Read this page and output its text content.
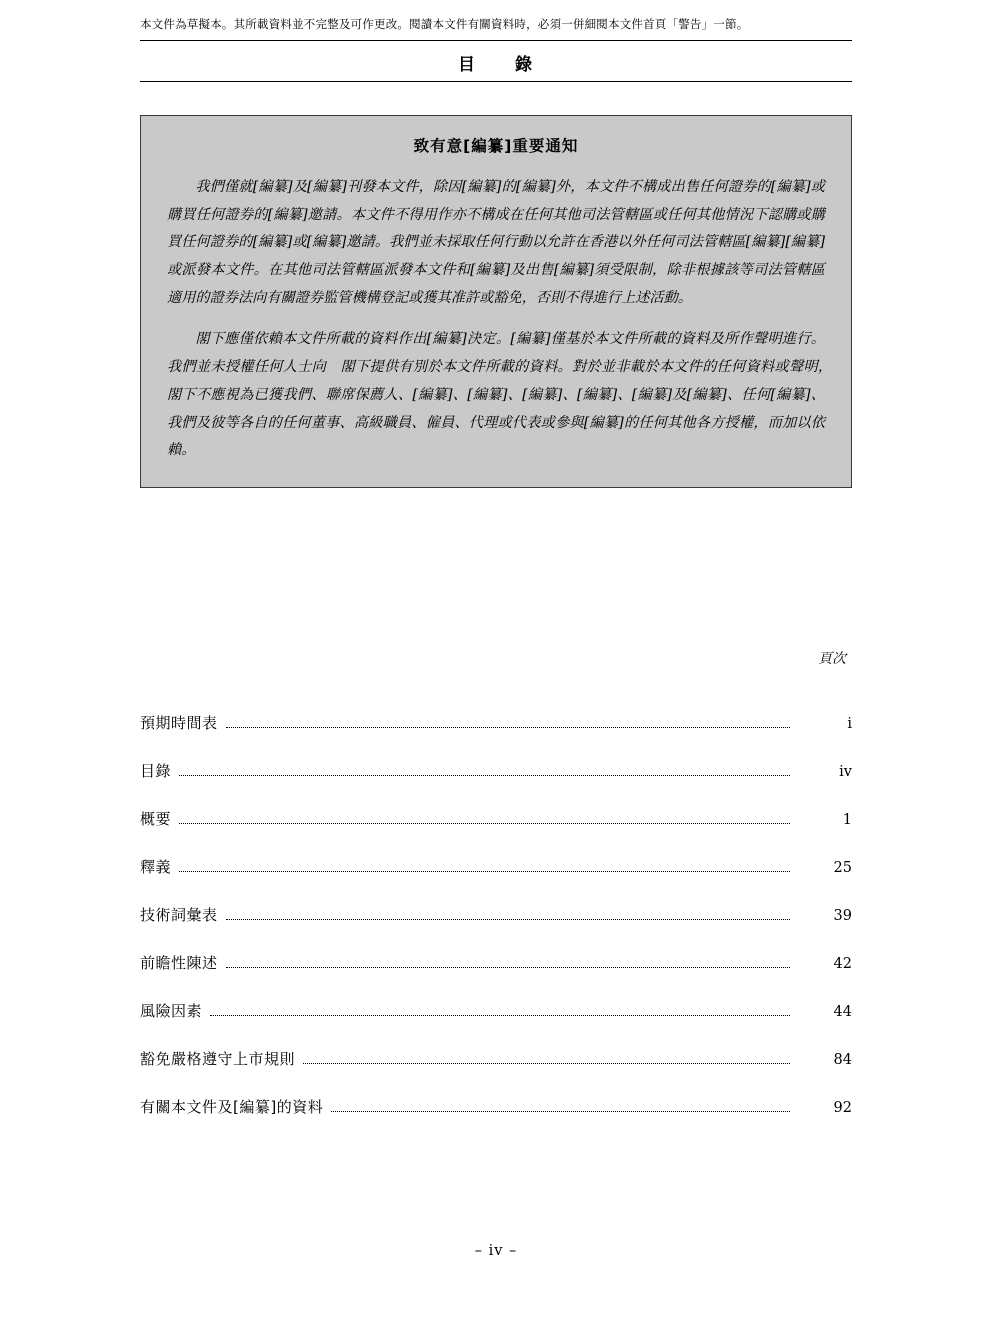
本文件為草擬本。其所載資料並不完整及可作更改。閱讀本文件有關資料時，必須一併細閱本文件首頁「警告」一節。
目　　錄
致有意[編纂]重要通知

我們僅就[編纂]及[編纂]刊發本文件，除因[編纂]的[編纂]外，本文件不構成出售任何證券的[編纂]或購買任何證券的[編纂]邀請。本文件不得用作亦不構成在任何其他司法管轄區或任何其他情況下認購或購買任何證券的[編纂]或[編纂]邀請。我們並未採取任何行動以允許在香港以外任何司法管轄區[編纂][編纂]或派發本文件。在其他司法管轄區派發本文件和[編纂]及出售[編纂]須受限制，除非根據該等司法管轄區適用的證券法向有關證券監管機構登記或獲其准許或豁免，否則不得進行上述活動。

閣下應僅依賴本文件所載的資料作出[編纂]決定。[編纂]僅基於本文件所載的資料及所作聲明進行。我們並未授權任何人士向　閣下提供有別於本文件所載的資料。對於並非載於本文件的任何資料或聲明，　閣下不應視為已獲我們、聯席保薦人、[編纂]、[編纂]、[編纂]、[編纂]、[編纂]及[編纂]、任何[編纂]、我們及彼等各自的任何董事、高級職員、僱員、代理或代表或參與[編纂]的任何其他各方授權，而加以依賴。

頁次
預期時間表	i
目錄	iv
概要	1
釋義	25
技術詞彙表	39
前瞻性陳述	42
風險因素	44
豁免嚴格遵守上市規則	84
有關本文件及[編纂]的資料	92
– iv –
